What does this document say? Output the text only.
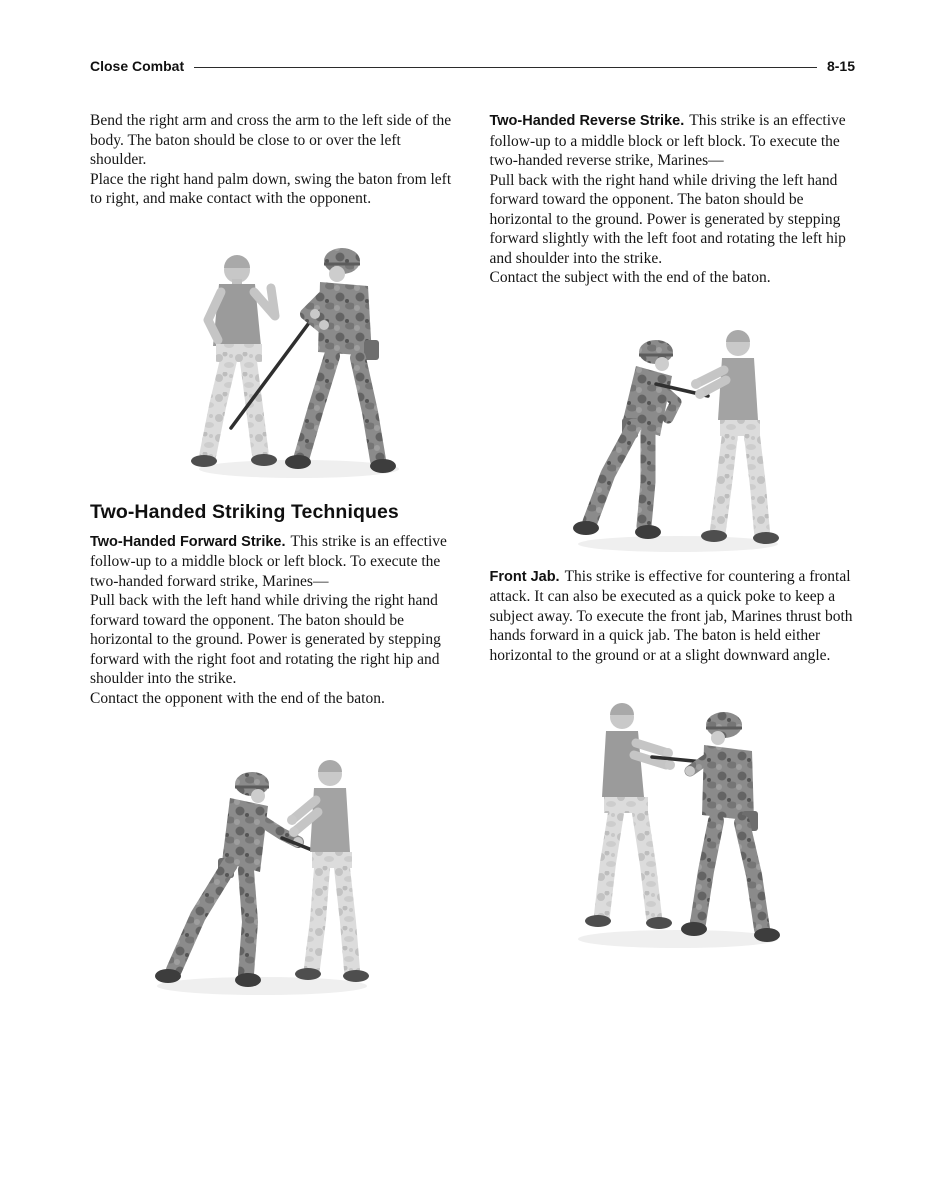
Close Combat	8-15

Bend the right arm and cross the arm to the left side of the body. The baton should be close to or over the left shoulder.

Place the right hand palm down, swing the baton from left to right, and make contact with the opponent.

Two-Handed Striking Techniques

Two-Handed Forward Strike. This strike is an effective follow-up to a middle block or left block. To execute the two-handed forward strike, Marines—

Pull back with the left hand while driving the right hand forward toward the opponent. The baton should be horizontal to the ground. Power is generated by stepping forward with the right foot and rotating the right hip and shoulder into the strike.

Contact the opponent with the end of the baton.

Two-Handed Reverse Strike. This strike is an effective follow-up to a middle block or left block. To execute the two-handed reverse strike, Marines—

Pull back with the right hand while driving the left hand forward toward the opponent. The baton should be horizontal to the ground. Power is generated by stepping forward slightly with the left foot and rotating the left hip and shoulder into the strike.

Contact the subject with the end of the baton.

Front Jab. This strike is effective for countering a frontal attack. It can also be executed as a quick poke to keep a subject away. To execute the front jab, Marines thrust both hands forward in a quick jab. The baton is held either horizontal to the ground or at a slight downward angle.
